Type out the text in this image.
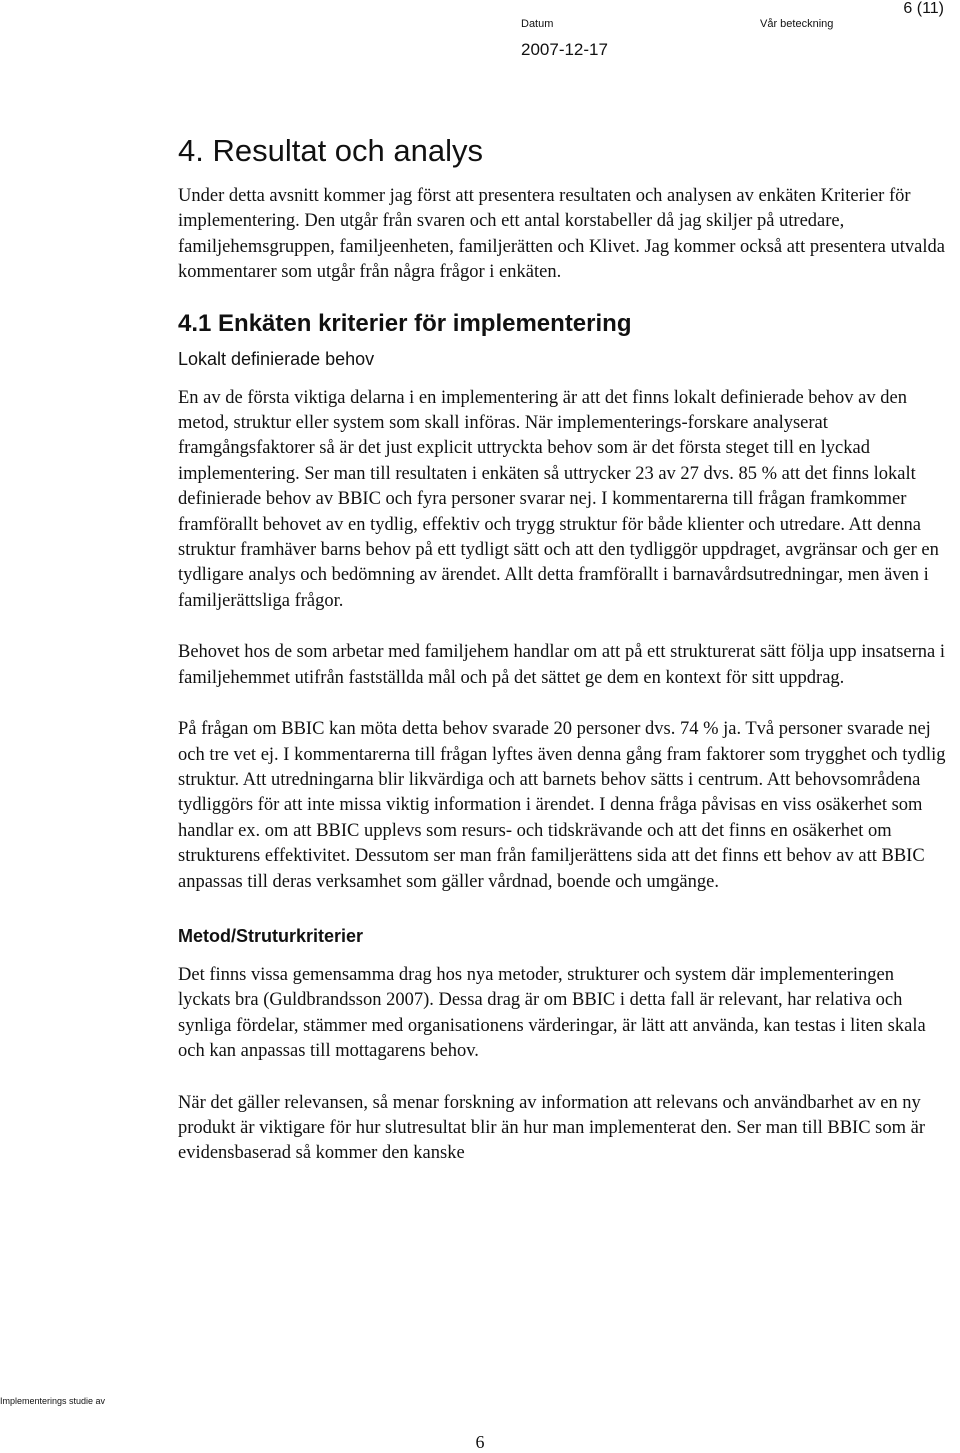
6 (11)
Datum	Vår beteckning
2007-12-17
4. Resultat och analys

Under detta avsnitt kommer jag först att presentera resultaten och analysen av enkäten Kriterier för implementering. Den utgår från svaren och ett antal korstabeller då jag skiljer på utredare, familjehemsgruppen, familjeenheten, familjerätten och Klivet. Jag kommer också att presentera utvalda kommentarer som utgår från några frågor i enkäten.

4.1 Enkäten kriterier för implementering
Lokalt definierade behov

En av de första viktiga delarna i en implementering är att det finns lokalt definierade behov av den metod, struktur eller system som skall införas. När implementerings-forskare analyserat framgångsfaktorer så är det just explicit uttryckta behov som är det första steget till en lyckad implementering. Ser man till resultaten i enkäten så uttrycker 23 av 27 dvs. 85 % att det finns lokalt definierade behov av BBIC och fyra personer svarar nej. I kommentarerna till frågan framkommer framförallt behovet av en tydlig, effektiv och trygg struktur för både klienter och utredare. Att denna struktur framhäver barns behov på ett tydligt sätt och att den tydliggör uppdraget, avgränsar och ger en tydligare analys och bedömning av ärendet. Allt detta framförallt i barnavårdsutredningar, men även i familjerättsliga frågor.

Behovet hos de som arbetar med familjehem handlar om att på ett strukturerat sätt följa upp insatserna i familjehemmet utifrån fastställda mål och på det sättet ge dem en kontext för sitt uppdrag.

På frågan om BBIC kan möta detta behov svarade 20 personer dvs. 74 % ja. Två personer svarade nej och tre vet ej. I kommentarerna till frågan lyftes även denna gång fram faktorer som trygghet och tydlig struktur. Att utredningarna blir likvärdiga och att barnets behov sätts i centrum. Att behovsområdena tydliggörs för att inte missa viktig information i ärendet. I denna fråga påvisas en viss osäkerhet som handlar ex. om att BBIC upplevs som resurs- och tidskrävande och att det finns en osäkerhet om strukturens effektivitet. Dessutom ser man från familjerättens sida att det finns ett behov av att BBIC anpassas till deras verksamhet som gäller vårdnad, boende och umgänge.

Metod/Struturkriterier

Det finns vissa gemensamma drag hos nya metoder, strukturer och system där implementeringen lyckats bra (Guldbrandsson 2007). Dessa drag är om BBIC i detta fall är relevant, har relativa och synliga fördelar, stämmer med organisationens värderingar, är lätt att använda, kan testas i liten skala och kan anpassas till mottagarens behov.

När det gäller relevansen, så menar forskning av information att relevans och användbarhet av en ny produkt är viktigare för hur slutresultat blir än hur man implementerat den. Ser man till BBIC som är evidensbaserad så kommer den kanske

Implementerings studie av
6
